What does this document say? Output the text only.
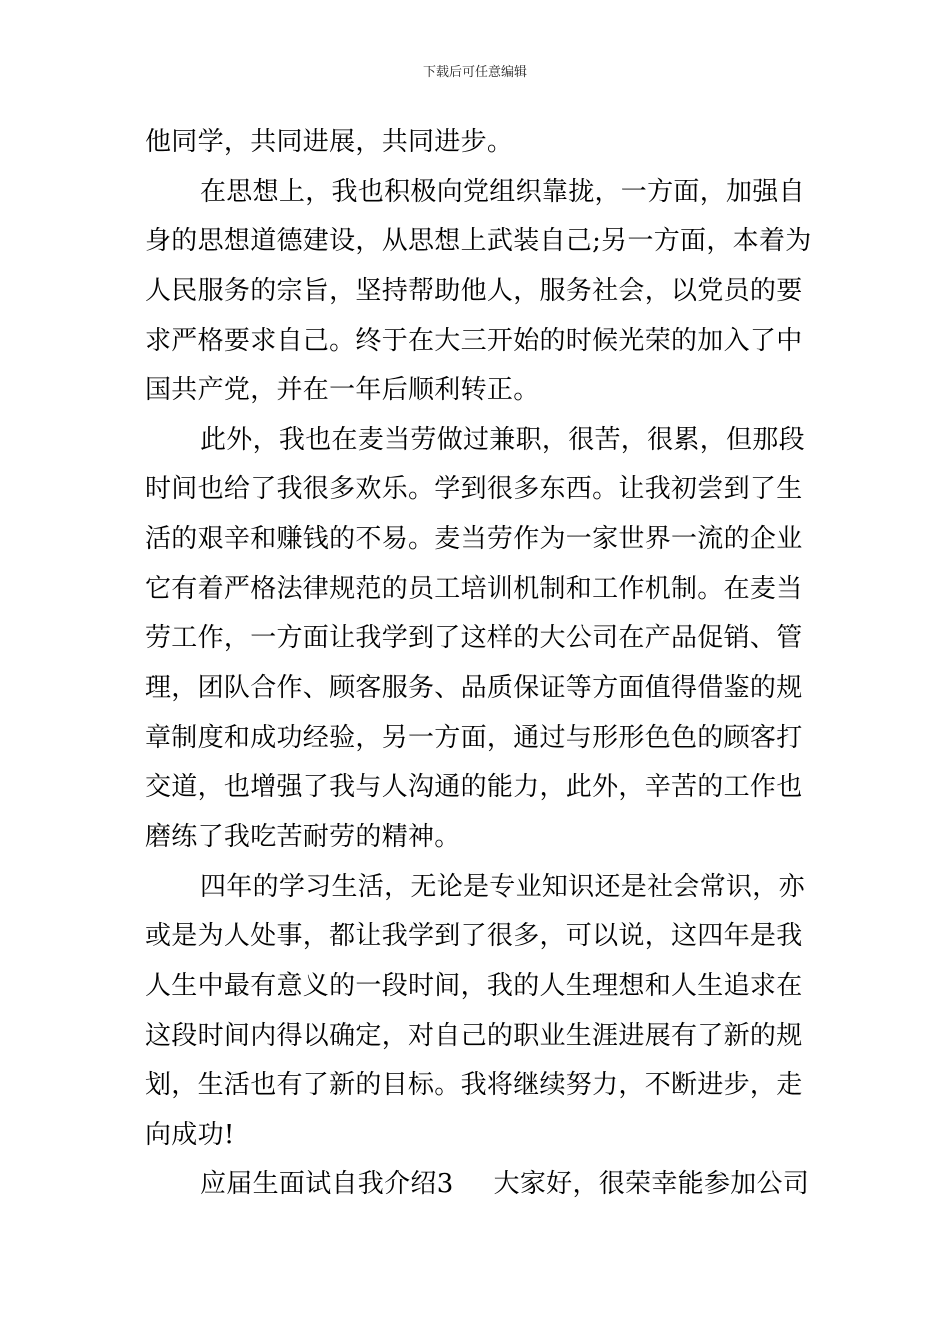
下载后可任意编辑
他同学，共同进展，共同进步。
在思想上，我也积极向党组织靠拢，一方面，加强自
身的思想道德建设，从思想上武装自己;另一方面，本着为
人民服务的宗旨，坚持帮助他人，服务社会，以党员的要
求严格要求自己。终于在大三开始的时候光荣的加入了中
国共产党，并在一年后顺利转正。
此外，我也在麦当劳做过兼职，很苦，很累，但那段
时间也给了我很多欢乐。学到很多东西。让我初尝到了生
活的艰辛和赚钱的不易。麦当劳作为一家世界一流的企业
它有着严格法律规范的员工培训机制和工作机制。在麦当
劳工作，一方面让我学到了这样的大公司在产品促销、管
理，团队合作、顾客服务、品质保证等方面值得借鉴的规
章制度和成功经验，另一方面，通过与形形色色的顾客打
交道，也增强了我与人沟通的能力，此外，辛苦的工作也
磨练了我吃苦耐劳的精神。
四年的学习生活，无论是专业知识还是社会常识，亦
或是为人处事，都让我学到了很多，可以说，这四年是我
人生中最有意义的一段时间，我的人生理想和人生追求在
这段时间内得以确定，对自己的职业生涯进展有了新的规
划，生活也有了新的目标。我将继续努力，不断进步，走
向成功!
应届生面试自我介绍3 大家好，很荣幸能参加公司
